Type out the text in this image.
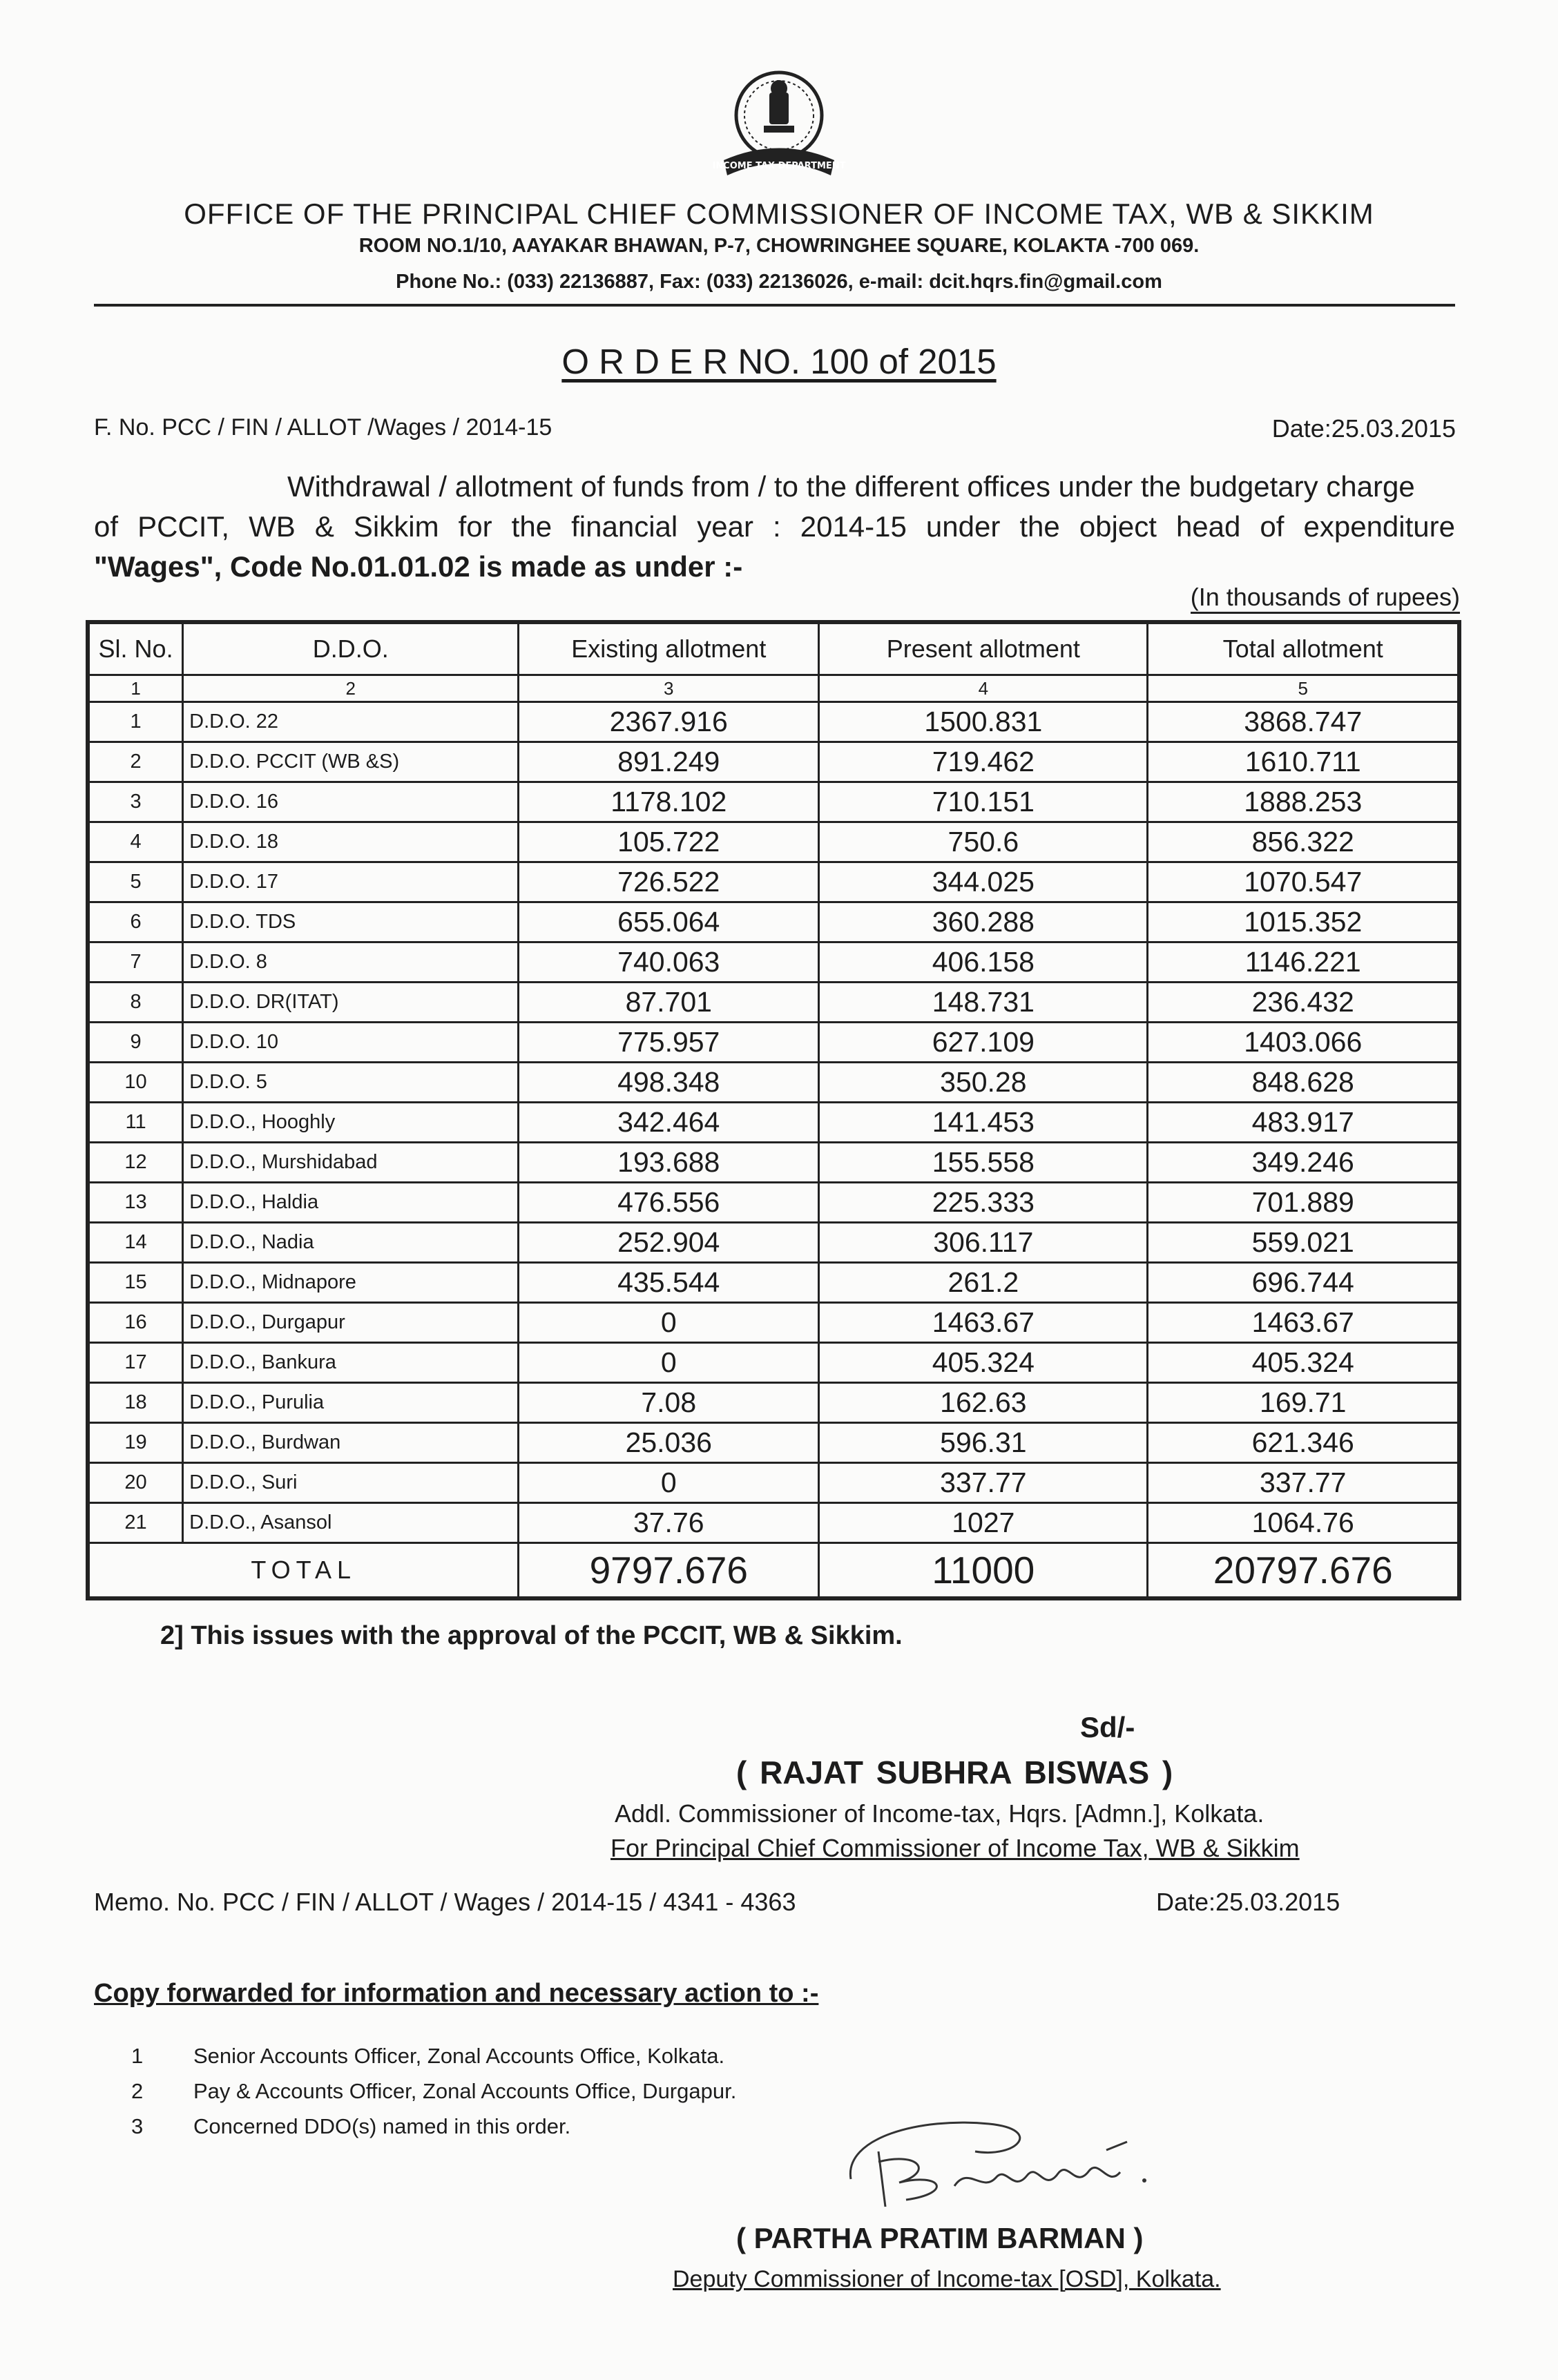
INCOME TAX DEPARTMENT
OFFICE OF THE PRINCIPAL CHIEF COMMISSIONER OF INCOME TAX, WB & SIKKIM
ROOM NO.1/10, AAYAKAR BHAWAN, P-7, CHOWRINGHEE SQUARE, KOLAKTA -700 069.
Phone No.: (033) 22136887, Fax: (033) 22136026, e-mail: dcit.hqrs.fin@gmail.com
O R D E R NO. 100 of 2015
F. No. PCC / FIN / ALLOT /Wages / 2014-15	Date:25.03.2015
Withdrawal / allotment of funds from / to the different offices under the budgetary charge
of PCCIT, WB & Sikkim for the financial year : 2014-15 under the object head of expenditure
"Wages", Code No.01.01.02 is made as under :-
(In thousands of rupees)
Sl. No.	D.D.O.	Existing allotment	Present allotment	Total allotment
1	2	3	4	5
1	D.D.O. 22	2367.916	1500.831	3868.747
2	D.D.O. PCCIT (WB &S)	891.249	719.462	1610.711
3	D.D.O. 16	1178.102	710.151	1888.253
4	D.D.O. 18	105.722	750.6	856.322
5	D.D.O. 17	726.522	344.025	1070.547
6	D.D.O. TDS	655.064	360.288	1015.352
7	D.D.O. 8	740.063	406.158	1146.221
8	D.D.O. DR(ITAT)	87.701	148.731	236.432
9	D.D.O. 10	775.957	627.109	1403.066
10	D.D.O. 5	498.348	350.28	848.628
11	D.D.O., Hooghly	342.464	141.453	483.917
12	D.D.O., Murshidabad	193.688	155.558	349.246
13	D.D.O., Haldia	476.556	225.333	701.889
14	D.D.O., Nadia	252.904	306.117	559.021
15	D.D.O., Midnapore	435.544	261.2	696.744
16	D.D.O., Durgapur	0	1463.67	1463.67
17	D.D.O., Bankura	0	405.324	405.324
18	D.D.O., Purulia	7.08	162.63	169.71
19	D.D.O., Burdwan	25.036	596.31	621.346
20	D.D.O., Suri	0	337.77	337.77
21	D.D.O., Asansol	37.76	1027	1064.76
TOTAL		9797.676	11000	20797.676
2] This issues with the approval of the PCCIT, WB & Sikkim.
Sd/-
( RAJAT SUBHRA BISWAS )
Addl. Commissioner of Income-tax, Hqrs. [Admn.], Kolkata.
For Principal Chief Commissioner of Income Tax, WB & Sikkim
Memo. No. PCC / FIN / ALLOT / Wages / 2014-15 / 4341 - 4363	Date:25.03.2015
Copy forwarded for information and necessary action to :-
1 Senior Accounts Officer, Zonal Accounts Office, Kolkata.
2 Pay & Accounts Officer, Zonal Accounts Office, Durgapur.
3 Concerned DDO(s) named in this order.
( PARTHA PRATIM BARMAN )
Deputy Commissioner of Income-tax [OSD], Kolkata.
